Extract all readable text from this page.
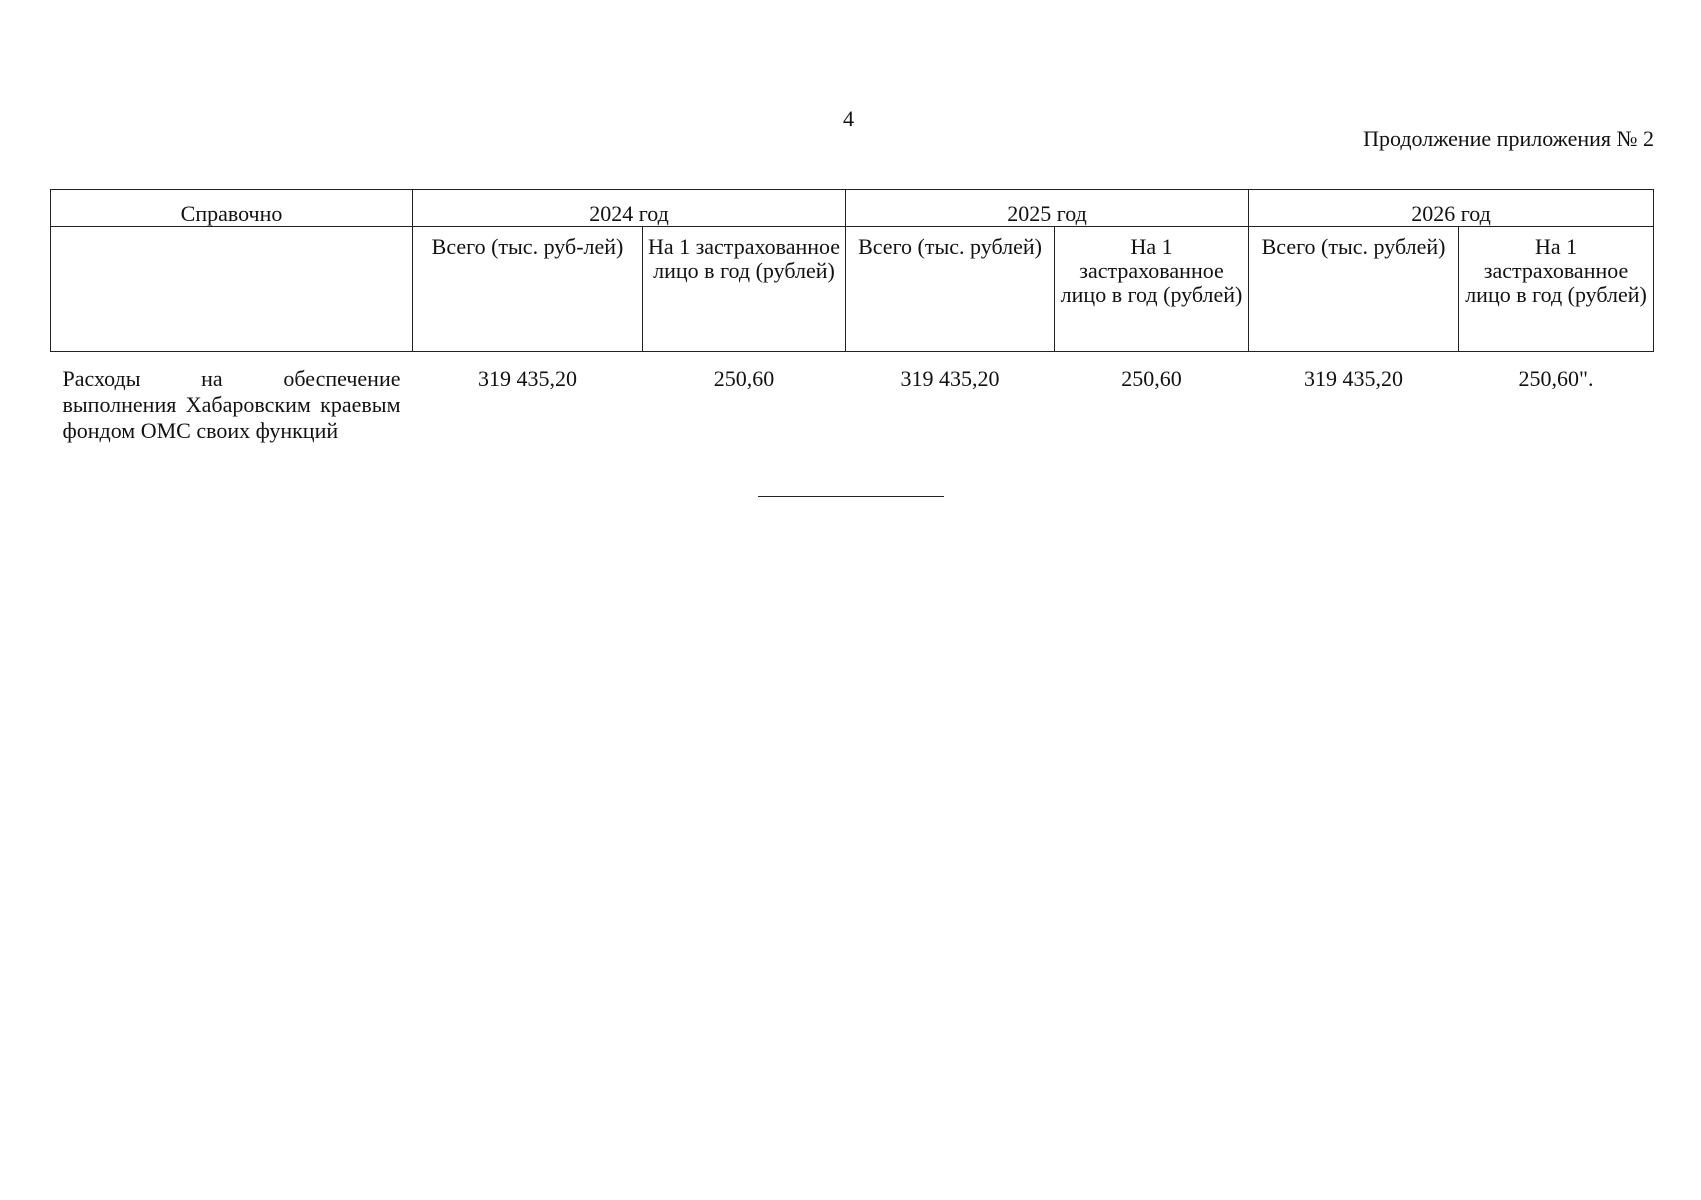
4
Продолжение приложения № 2
Справочно	2024 год		2025 год		2026 год	
	Всего (тыс. руб-лей)	На 1 застрахованное лицо в год (рублей)	Всего (тыс. рублей)	На 1 застрахованное лицо в год (рублей)	Всего (тыс. рублей)	На 1 застрахованное лицо в год (рублей)
Расходы на обеспечение выполнения Хабаровским краевым фондом ОМС своих функций	319 435,20	250,60	319 435,20	250,60	319 435,20	250,60".
